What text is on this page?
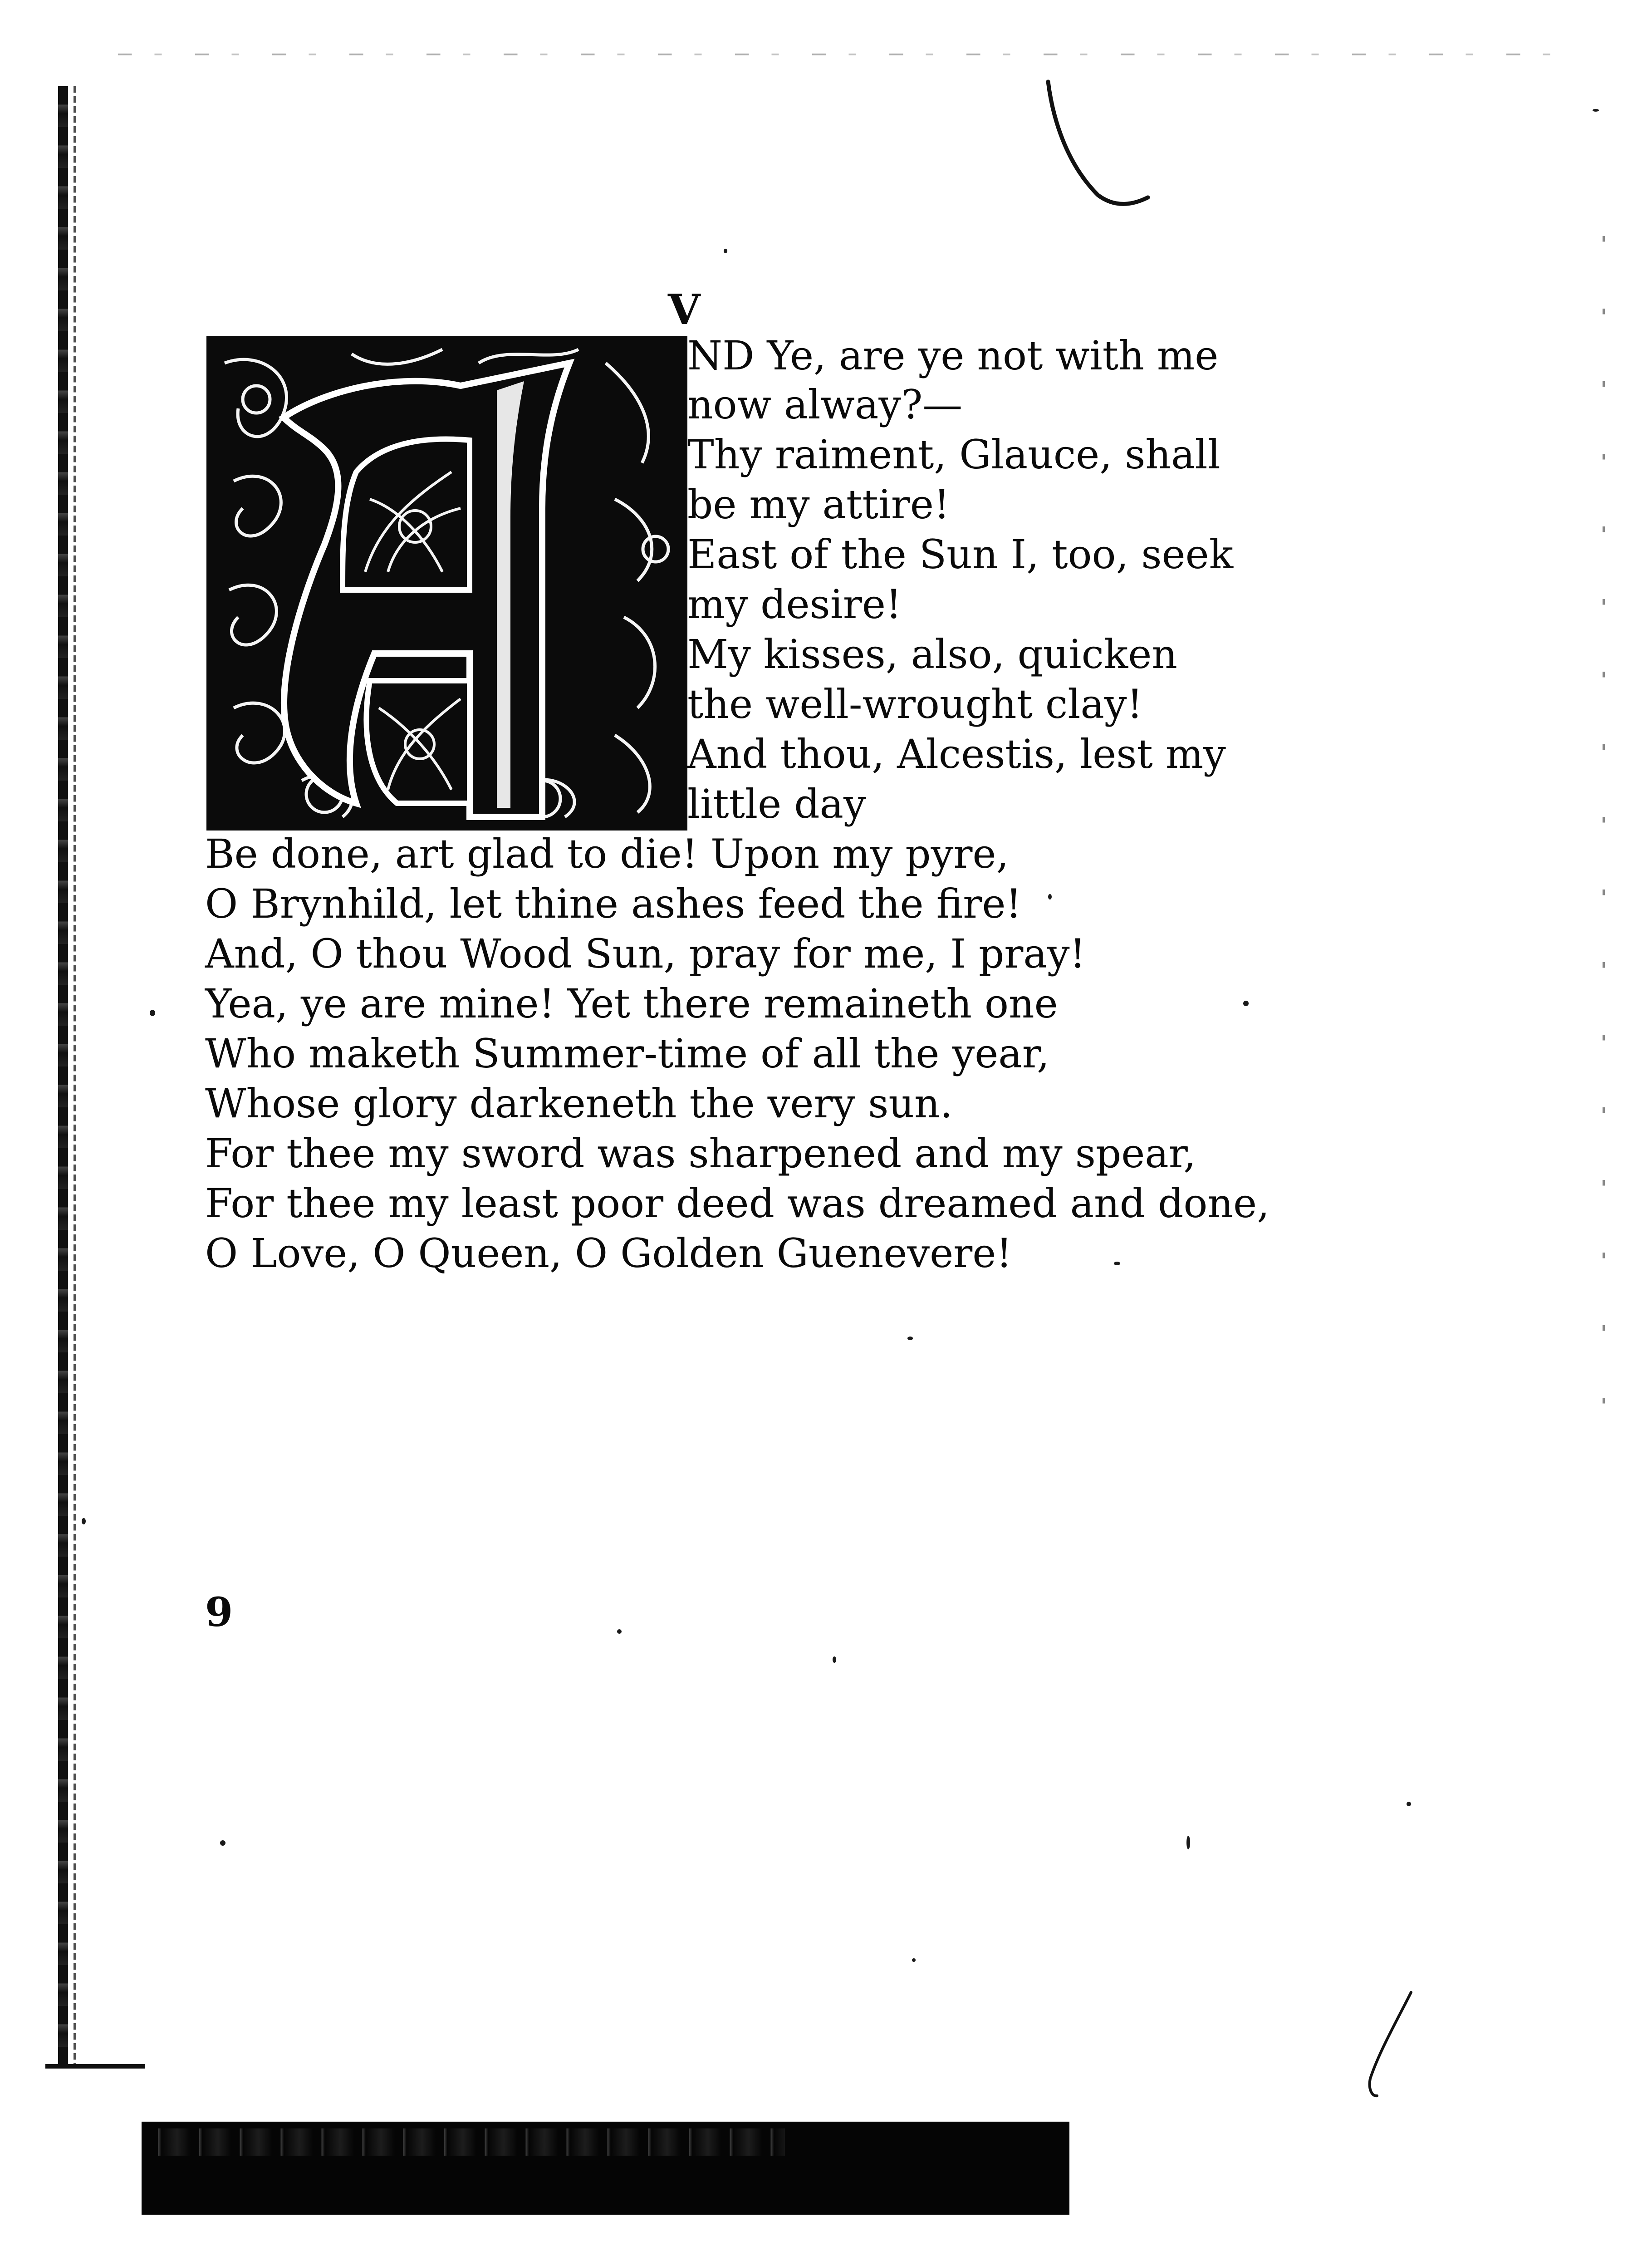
V
ND Ye, are ye not with me
now alway?—
Thy raiment, Glauce, shall
be my attire!
East of the Sun I, too, seek
my desire!
My kisses, also, quicken
the well-wrought clay!
And thou, Alcestis, lest my
little day
Be done, art glad to die! Upon my pyre,
O Brynhild, let thine ashes feed the fire!
And, O thou Wood Sun, pray for me, I pray!
Yea, ye are mine! Yet there remaineth one
Who maketh Summer-time of all the year,
Whose glory darkeneth the very sun.
For thee my sword was sharpened and my spear,
For thee my least poor deed was dreamed and done,
O Love, O Queen, O Golden Guenevere!
9
